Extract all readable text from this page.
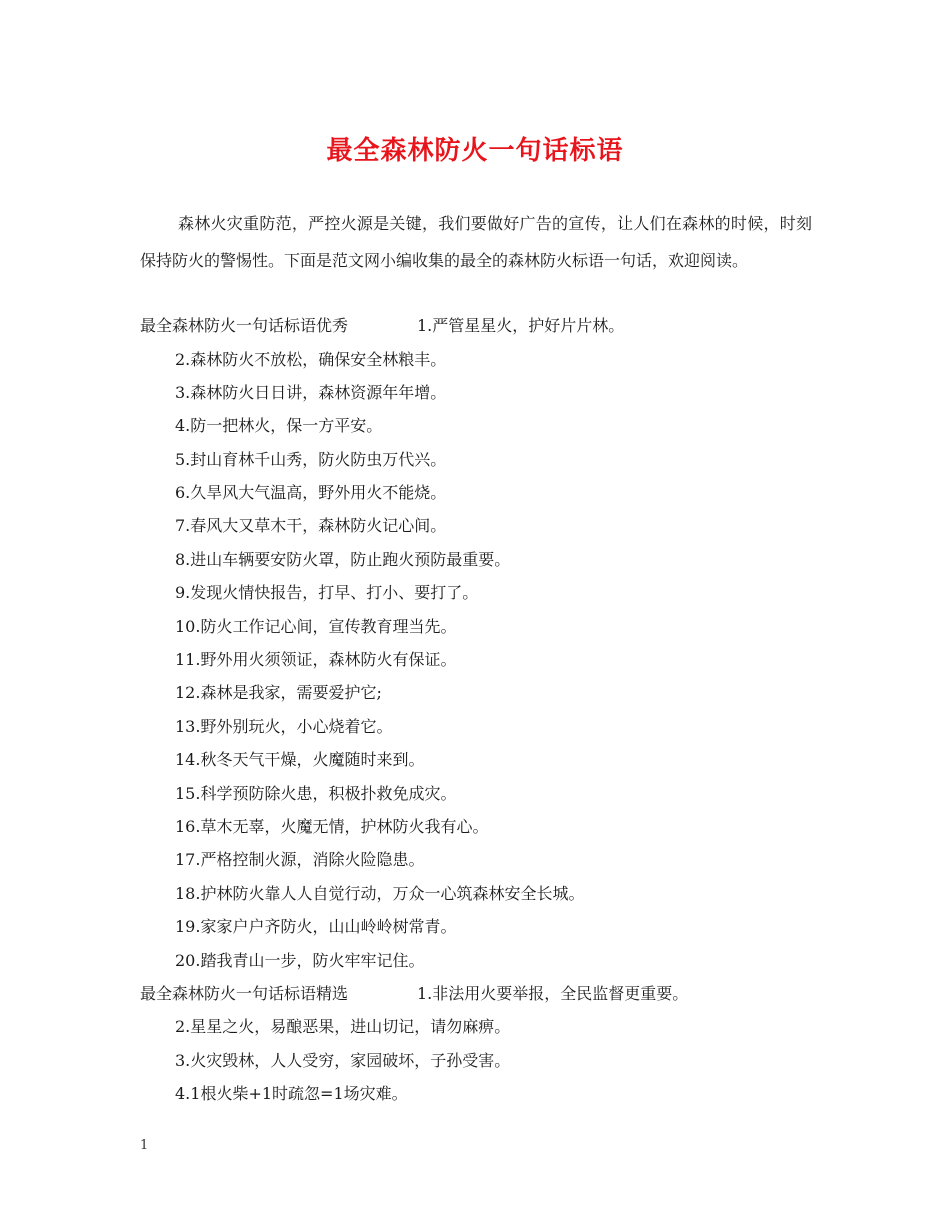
最全森林防火一句话标语
森林火灾重防范，严控火源是关键，我们要做好广告的宣传，让人们在森林的时候，时刻保持防火的警惕性。下面是范文网小编收集的最全的森林防火标语一句话，欢迎阅读。
最全森林防火一句话标语优秀	1.严管星星火，护好片片林。
2.森林防火不放松，确保安全林粮丰。
3.森林防火日日讲，森林资源年年增。
4.防一把林火，保一方平安。
5.封山育林千山秀，防火防虫万代兴。
6.久旱风大气温高，野外用火不能烧。
7.春风大又草木干，森林防火记心间。
8.进山车辆要安防火罩，防止跑火预防最重要。
9.发现火情快报告，打早、打小、要打了。
10.防火工作记心间，宣传教育理当先。
11.野外用火须领证，森林防火有保证。
12.森林是我家，需要爱护它;
13.野外别玩火，小心烧着它。
14.秋冬天气干燥，火魔随时来到。
15.科学预防除火患，积极扑救免成灾。
16.草木无辜，火魔无情，护林防火我有心。
17.严格控制火源，消除火险隐患。
18.护林防火靠人人自觉行动，万众一心筑森林安全长城。
19.家家户户齐防火，山山岭岭树常青。
20.踏我青山一步，防火牢牢记住。
最全森林防火一句话标语精选	1.非法用火要举报，全民监督更重要。
2.星星之火，易酿恶果，进山切记，请勿麻痹。
3.火灾毁林，人人受穷，家园破坏，子孙受害。
4.1根火柴+1时疏忽=1场灾难。
1
